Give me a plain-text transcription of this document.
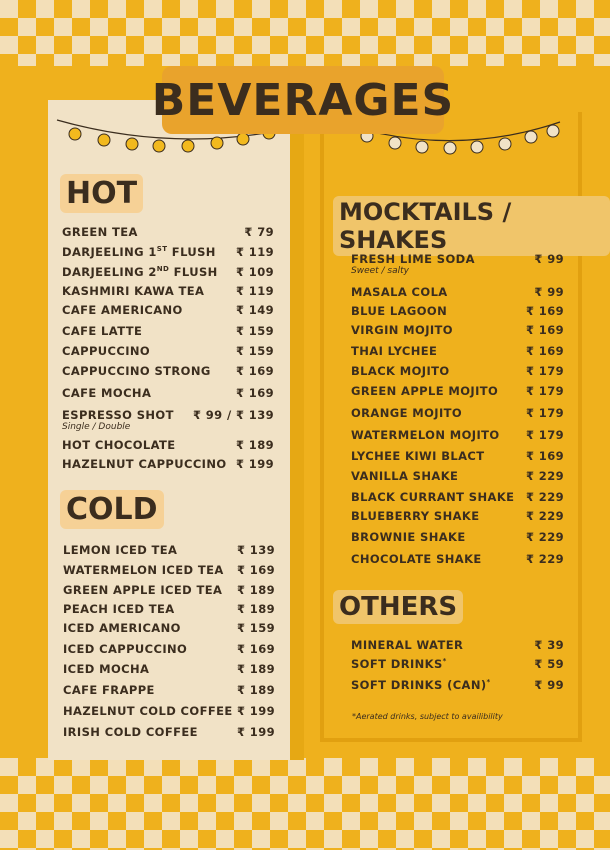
BEVERAGES
HOT
COLD
MOCKTAILS / SHAKES
OTHERS
GREEN TEA	₹ 79
DARJEELING 1ST FLUSH ₹ 119
DARJEELING 2ND FLUSH ₹ 109
KASHMIRI KAWA TEA	₹ 119
CAFE AMERICANO	₹ 149
CAFE LATTE	₹ 159
CAPPUCCINO	₹ 159
CAPPUCCINO STRONG ₹ 169
CAFE MOCHA	₹ 169
ESPRESSO SHOT ₹ 99 / ₹ 139
Single / Double
HOT CHOCOLATE	₹ 189
HAZELNUT CAPPUCCINO ₹ 199
LEMON ICED TEA	₹ 139
WATERMELON ICED TEA ₹ 169
GREEN APPLE ICED TEA ₹ 189
PEACH ICED TEA	₹ 189
ICED AMERICANO	₹ 159
ICED CAPPUCCINO	₹ 169
ICED MOCHA	₹ 189
CAFE FRAPPE	₹ 189
HAZELNUT COLD COFFEE ₹ 199
IRISH COLD COFFEE	₹ 199
FRESH LIME SODA	₹ 99
Sweet / salty
MASALA COLA	₹ 99
BLUE LAGOON	₹ 169
VIRGIN MOJITO	₹ 169
THAI LYCHEE	₹ 169
BLACK MOJITO	₹ 179
GREEN APPLE MOJITO ₹ 179
ORANGE MOJITO	₹ 179
WATERMELON MOJITO ₹ 179
LYCHEE KIWI BLACT	₹ 169
VANILLA SHAKE	₹ 229
BLACK CURRANT SHAKE ₹ 229
BLUEBERRY SHAKE	₹ 229
BROWNIE SHAKE	₹ 229
CHOCOLATE SHAKE	₹ 229
MINERAL WATER	₹ 39
SOFT DRINKS*	₹ 59
SOFT DRINKS (CAN)*	₹ 99
*Aerated drinks, subject to availibility
